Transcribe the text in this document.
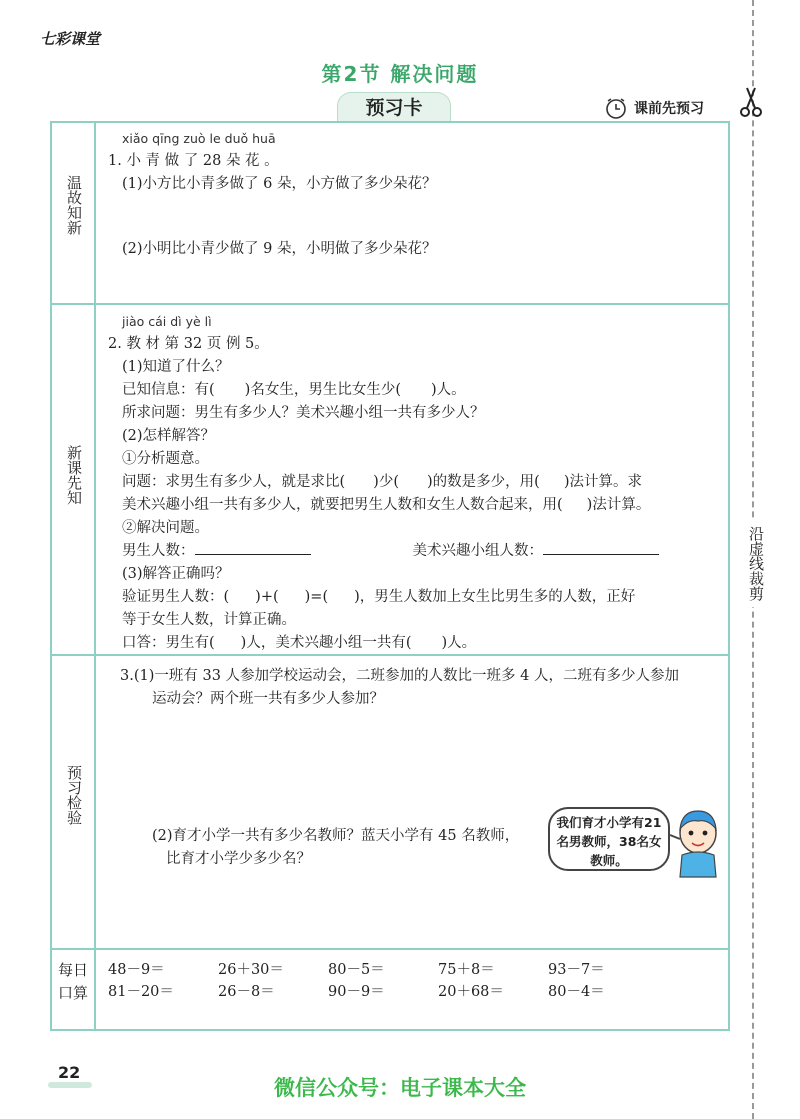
七彩课堂
第2节 解决问题
预习卡	课前先预习
沿虚线裁剪
温故知新
xiǎo qīng zuò le duǒ huā
1. 小 青 做 了 28 朵 花 。
(1)小方比小青多做了 6 朵，小方做了多少朵花？
(2)小明比小青少做了 9 朵，小明做了多少朵花？
新课先知
jiào cái dì yè lì
2. 教 材 第 32 页 例 5。
(1)知道了什么？
已知信息：有( )名女生，男生比女生少( )人。
所求问题：男生有多少人？美术兴趣小组一共有多少人？
(2)怎样解答？
①分析题意。
问题：求男生有多少人，就是求比( )少( )的数是多少，用( )法计算。求
美术兴趣小组一共有多少人，就要把男生人数和女生人数合起来，用( )法计算。
②解决问题。
男生人数：	美术兴趣小组人数：
(3)解答正确吗？
验证男生人数：( )+( )=( )，男生人数加上女生比男生多的人数，正好
等于女生人数，计算正确。
口答：男生有( )人，美术兴趣小组一共有( )人。
预习检验
3.(1)一班有 33 人参加学校运动会，二班参加的人数比一班多 4 人，二班有多少人参加
运动会？两个班一共有多少人参加？
(2)育才小学一共有多少名教师？蓝天小学有 45 名教师，
比育才小学少多少名？
我们育才小学有21名男教师，38名女教师。
每日口算
48－9＝	26＋30＝	80－5＝	75＋8＝	93－7＝
81－20＝	26－8＝	90－9＝	20＋68＝	80－4＝
22
微信公众号：电子课本大全
